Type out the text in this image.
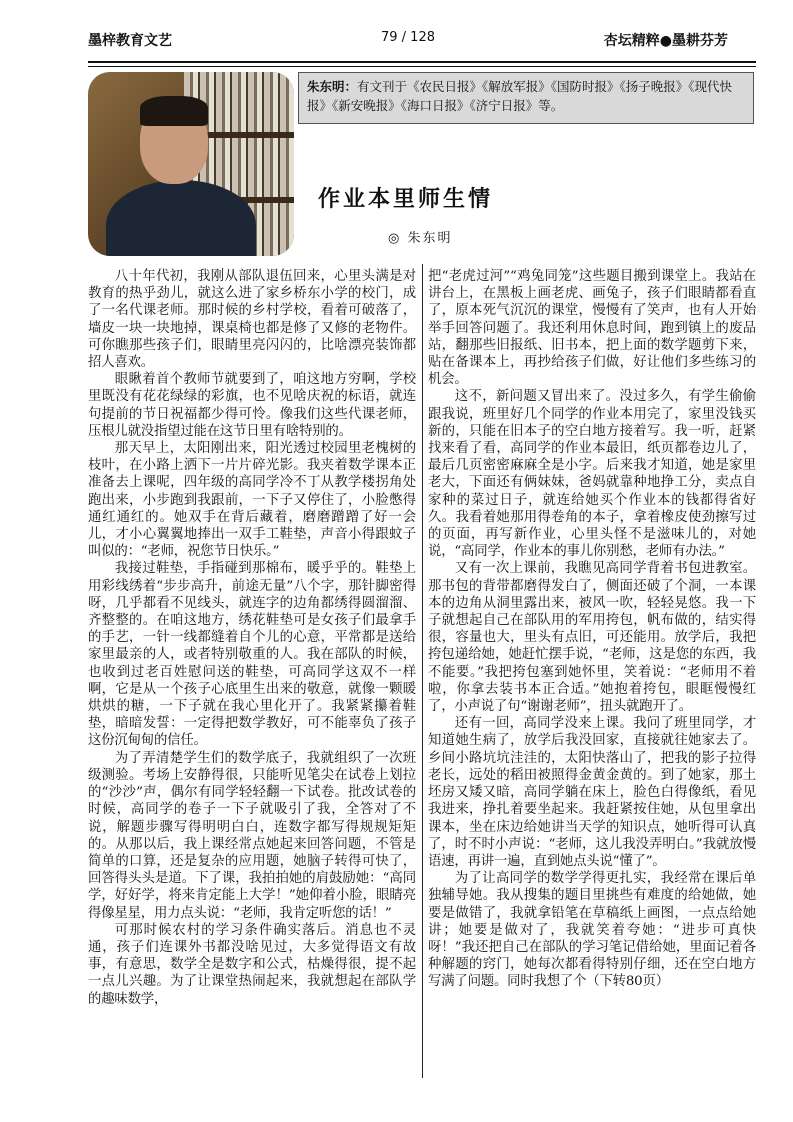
墨梓教育文艺	79 / 128	杏坛精粹●墨耕芬芳
朱东明：有文刊于《农民日报》《解放军报》《国防时报》《扬子晚报》《现代快报》《新安晚报》《海口日报》《济宁日报》等。
作业本里师生情
◎ 朱东明

八十年代初，我刚从部队退伍回来，心里头满是对教育的热乎劲儿，就这么进了家乡桥东小学的校门，成了一名代课老师。那时候的乡村学校，看着可破落了，墙皮一块一块地掉，课桌椅也都是修了又修的老物件。可你瞧那些孩子们，眼睛里亮闪闪的，比啥漂亮装饰都招人喜欢。

眼瞅着首个教师节就要到了，咱这地方穷啊，学校里既没有花花绿绿的彩旗，也不见啥庆祝的标语，就连句提前的节日祝福都少得可怜。像我们这些代课老师，压根儿就没指望过能在这节日里有啥特别的。

那天早上，太阳刚出来，阳光透过校园里老槐树的枝叶，在小路上洒下一片片碎光影。我夹着数学课本正准备去上课呢，四年级的高同学冷不丁从教学楼拐角处跑出来，小步跑到我跟前，一下子又停住了，小脸憋得通红通红的。她双手在背后藏着，磨磨蹭蹭了好一会儿，才小心翼翼地捧出一双手工鞋垫，声音小得跟蚊子叫似的：“老师，祝您节日快乐。”

我接过鞋垫，手指碰到那棉布，暖乎乎的。鞋垫上用彩线绣着“步步高升，前途无量”八个字，那针脚密得呀，几乎都看不见线头，就连字的边角都绣得圆溜溜、齐整整的。在咱这地方，绣花鞋垫可是女孩子们最拿手的手艺，一针一线都缝着自个儿的心意，平常都是送给家里最亲的人，或者特别敬重的人。我在部队的时候，也收到过老百姓慰问送的鞋垫，可高同学这双不一样啊，它是从一个孩子心底里生出来的敬意，就像一颗暖烘烘的糖，一下子就在我心里化开了。我紧紧攥着鞋垫，暗暗发誓：一定得把数学教好，可不能辜负了孩子这份沉甸甸的信任。

为了弄清楚学生们的数学底子，我就组织了一次班级测验。考场上安静得很，只能听见笔尖在试卷上划拉的“沙沙”声，偶尔有同学轻轻翻一下试卷。批改试卷的时候，高同学的卷子一下子就吸引了我，全答对了不说，解题步骤写得明明白白，连数字都写得规规矩矩的。从那以后，我上课经常点她起来回答问题，不管是简单的口算，还是复杂的应用题，她脑子转得可快了，回答得头头是道。下了课，我拍拍她的肩鼓励她：“高同学，好好学，将来肯定能上大学！”她仰着小脸，眼睛亮得像星星，用力点头说：“老师，我肯定听您的话！”

可那时候农村的学习条件确实落后。消息也不灵通，孩子们连课外书都没啥见过，大多觉得语文有故事，有意思，数学全是数字和公式，枯燥得很，提不起一点儿兴趣。为了让课堂热闹起来，我就想起在部队学的趣味数学，

把“老虎过河”“鸡兔同笼”这些题目搬到课堂上。我站在讲台上，在黑板上画老虎、画兔子，孩子们眼睛都看直了，原本死气沉沉的课堂，慢慢有了笑声，也有人开始举手回答问题了。我还利用休息时间，跑到镇上的废品站，翻那些旧报纸、旧书本，把上面的数学题剪下来，贴在备课本上，再抄给孩子们做，好让他们多些练习的机会。

这不，新问题又冒出来了。没过多久，有学生偷偷跟我说，班里好几个同学的作业本用完了，家里没钱买新的，只能在旧本子的空白地方接着写。我一听，赶紧找来看了看，高同学的作业本最旧，纸页都卷边儿了，最后几页密密麻麻全是小字。后来我才知道，她是家里老大，下面还有俩妹妹，爸妈就靠种地挣工分，卖点自家种的菜过日子，就连给她买个作业本的钱都得省好久。我看着她那用得卷角的本子，拿着橡皮使劲擦写过的页面，再写新作业，心里头怪不是滋味儿的，对她说，“高同学，作业本的事儿你别愁，老师有办法。”

又有一次上课前，我瞧见高同学背着书包进教室。那书包的背带都磨得发白了，侧面还破了个洞，一本课本的边角从洞里露出来，被风一吹，轻轻晃悠。我一下子就想起自己在部队用的军用挎包，帆布做的，结实得很，容量也大，里头有点旧，可还能用。放学后，我把挎包递给她，她赶忙摆手说，“老师，这是您的东西，我不能要。”我把挎包塞到她怀里，笑着说：“老师用不着啦，你拿去装书本正合适。”她抱着挎包，眼眶慢慢红了，小声说了句“谢谢老师”，扭头就跑开了。

还有一回，高同学没来上课。我问了班里同学，才知道她生病了，放学后我没回家，直接就往她家去了。乡间小路坑坑洼洼的，太阳快落山了，把我的影子拉得老长，远处的稻田被照得金黄金黄的。到了她家，那土坯房又矮又暗，高同学躺在床上，脸色白得像纸，看见我进来，挣扎着要坐起来。我赶紧按住她，从包里拿出课本，坐在床边给她讲当天学的知识点，她听得可认真了，时不时小声说：“老师，这儿我没弄明白。”我就放慢语速，再讲一遍，直到她点头说“懂了”。

为了让高同学的数学学得更扎实，我经常在课后单独辅导她。我从搜集的题目里挑些有难度的给她做，她要是做错了，我就拿铅笔在草稿纸上画图，一点点给她讲；她要是做对了，我就笑着夸她：“进步可真快呀！”我还把自己在部队的学习笔记借给她，里面记着各种解题的窍门，她每次都看得特别仔细，还在空白地方写满了问题。同时我想了个（下转80页）
